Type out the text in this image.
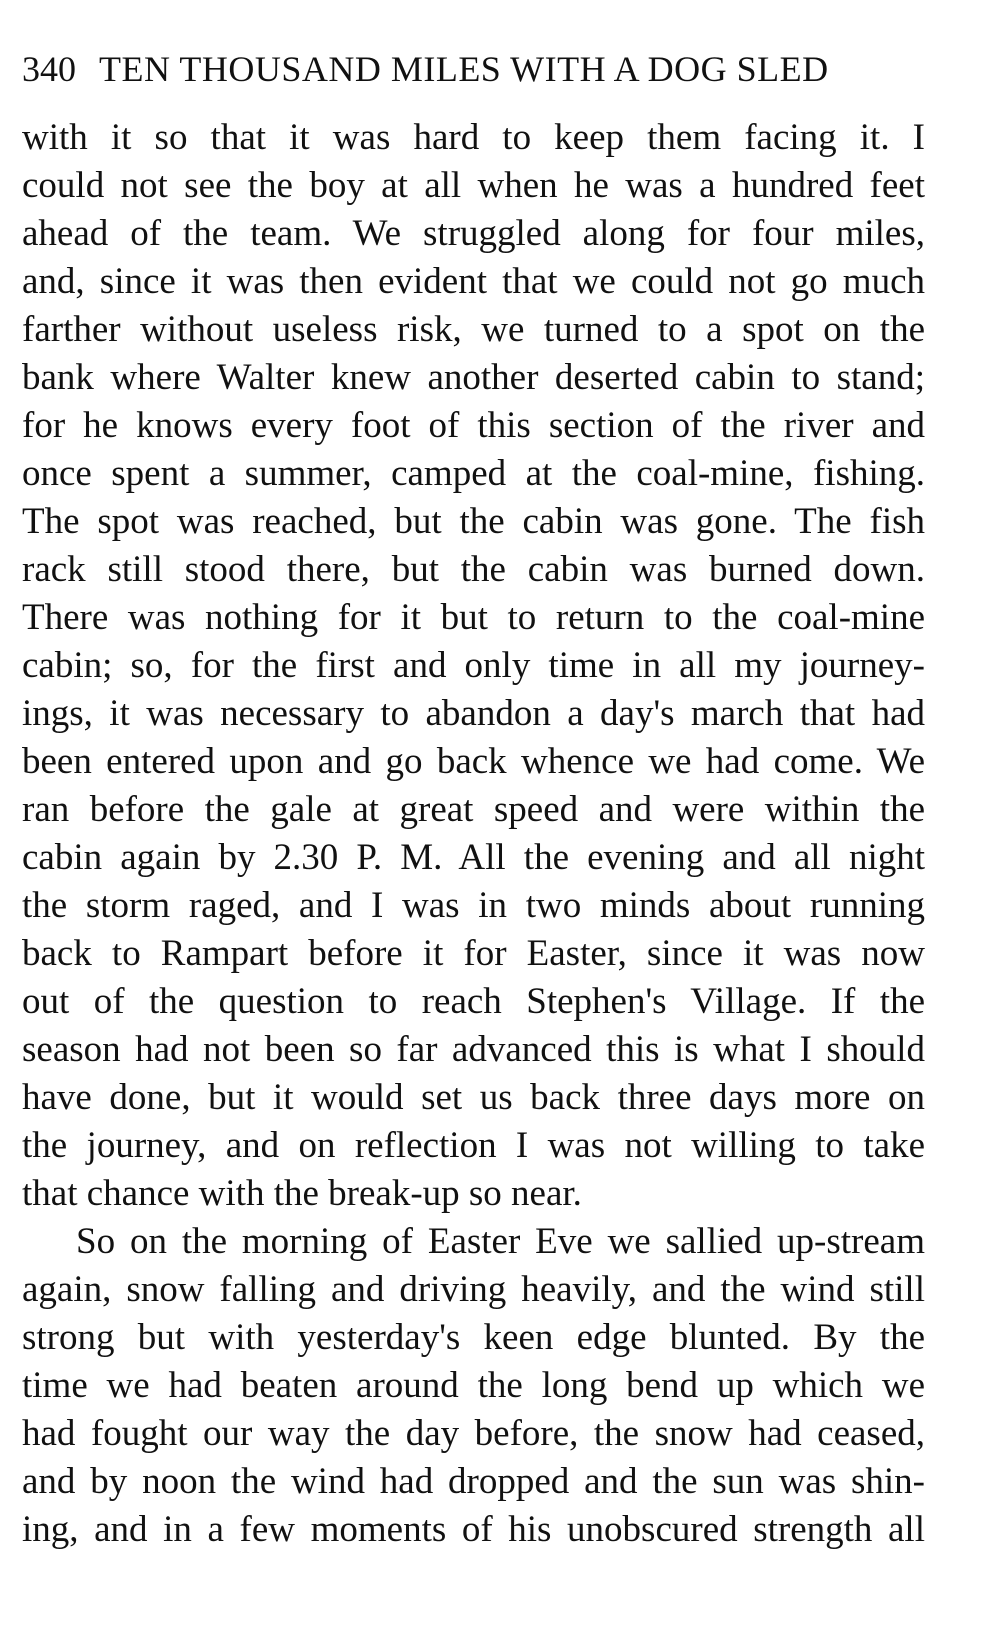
340 TEN THOUSAND MILES WITH A DOG SLED
with it so that it was hard to keep them facing it. I
could not see the boy at all when he was a hundred feet
ahead of the team. We struggled along for four miles,
and, since it was then evident that we could not go much
farther without useless risk, we turned to a spot on the
bank where Walter knew another deserted cabin to stand;
for he knows every foot of this section of the river and
once spent a summer, camped at the coal-mine, fishing.
The spot was reached, but the cabin was gone. The fish
rack still stood there, but the cabin was burned down.
There was nothing for it but to return to the coal-mine
cabin; so, for the first and only time in all my journey-
ings, it was necessary to abandon a day's march that had
been entered upon and go back whence we had come. We
ran before the gale at great speed and were within the
cabin again by 2.30 P. M. All the evening and all night
the storm raged, and I was in two minds about running
back to Rampart before it for Easter, since it was now
out of the question to reach Stephen's Village. If the
season had not been so far advanced this is what I should
have done, but it would set us back three days more on
the journey, and on reflection I was not willing to take
that chance with the break-up so near.
So on the morning of Easter Eve we sallied up-stream
again, snow falling and driving heavily, and the wind still
strong but with yesterday's keen edge blunted. By the
time we had beaten around the long bend up which we
had fought our way the day before, the snow had ceased,
and by noon the wind had dropped and the sun was shin-
ing, and in a few moments of his unobscured strength all
